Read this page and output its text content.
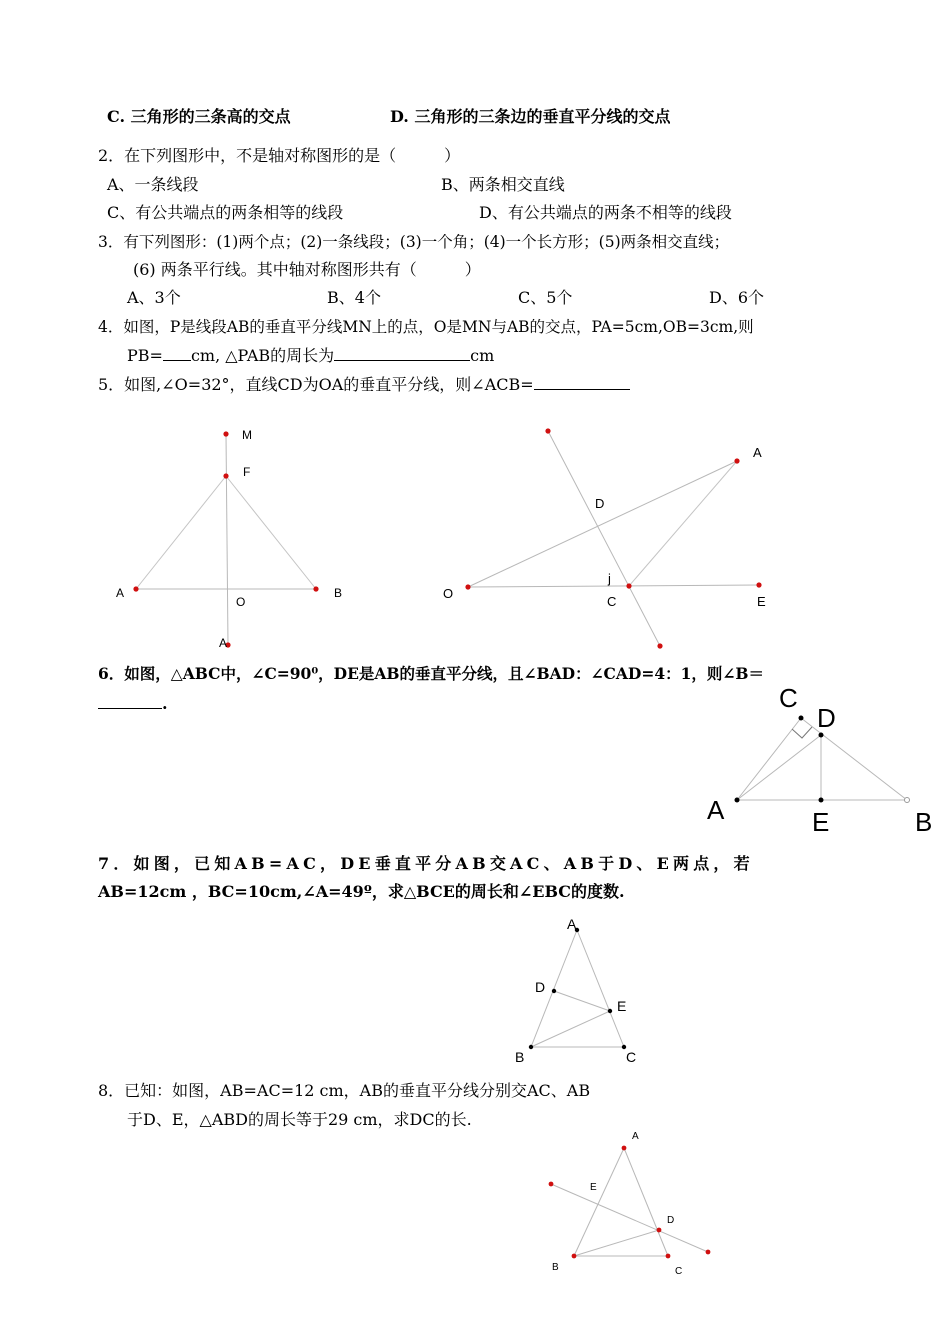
C. 三角形的三条高的交点	D. 三角形的三条边的垂直平分线的交点
2．在下列图形中，不是轴对称图形的是（　　　）
A、一条线段	B、两条相交直线
C、有公共端点的两条相等的线段	D、有公共端点的两条不相等的线段
3．有下列图形：(1)两个点；(2)一条线段；(3)一个角；(4)一个长方形；(5)两条相交直线；
(6) 两条平行线。其中轴对称图形共有（　　　）
A、3个	B、4个	C、5个	D、6个
4．如图，P是线段AB的垂直平分线MN上的点，O是MN与AB的交点，PA=5cm,OB=3cm,则
PB= cm, △PAB的周长为	cm
5．如图,∠O=32°，直线CD为OA的垂直平分线，则∠ACB=
6．如图，△ABC中，∠C=90⁰，DE是AB的垂直平分线，且∠BAD：∠CAD=4：1，则∠B＝
.
7．如图，已知AB=AC，DE垂直平分AB交AC、AB于D、E两点，若
AB=12cm ，BC=10cm,∠A=49º，求△BCE的周长和∠EBC的度数.
8．已知：如图，AB=AC=12 cm，AB的垂直平分线分别交AC、AB
于D、E，△ABD的周长等于29 cm，求DC的长.
M
F
A	B
O
A
A
D
j
O
C	E
C
D
A	E	B
A
D
E
B	C
A
E
D
B	C
